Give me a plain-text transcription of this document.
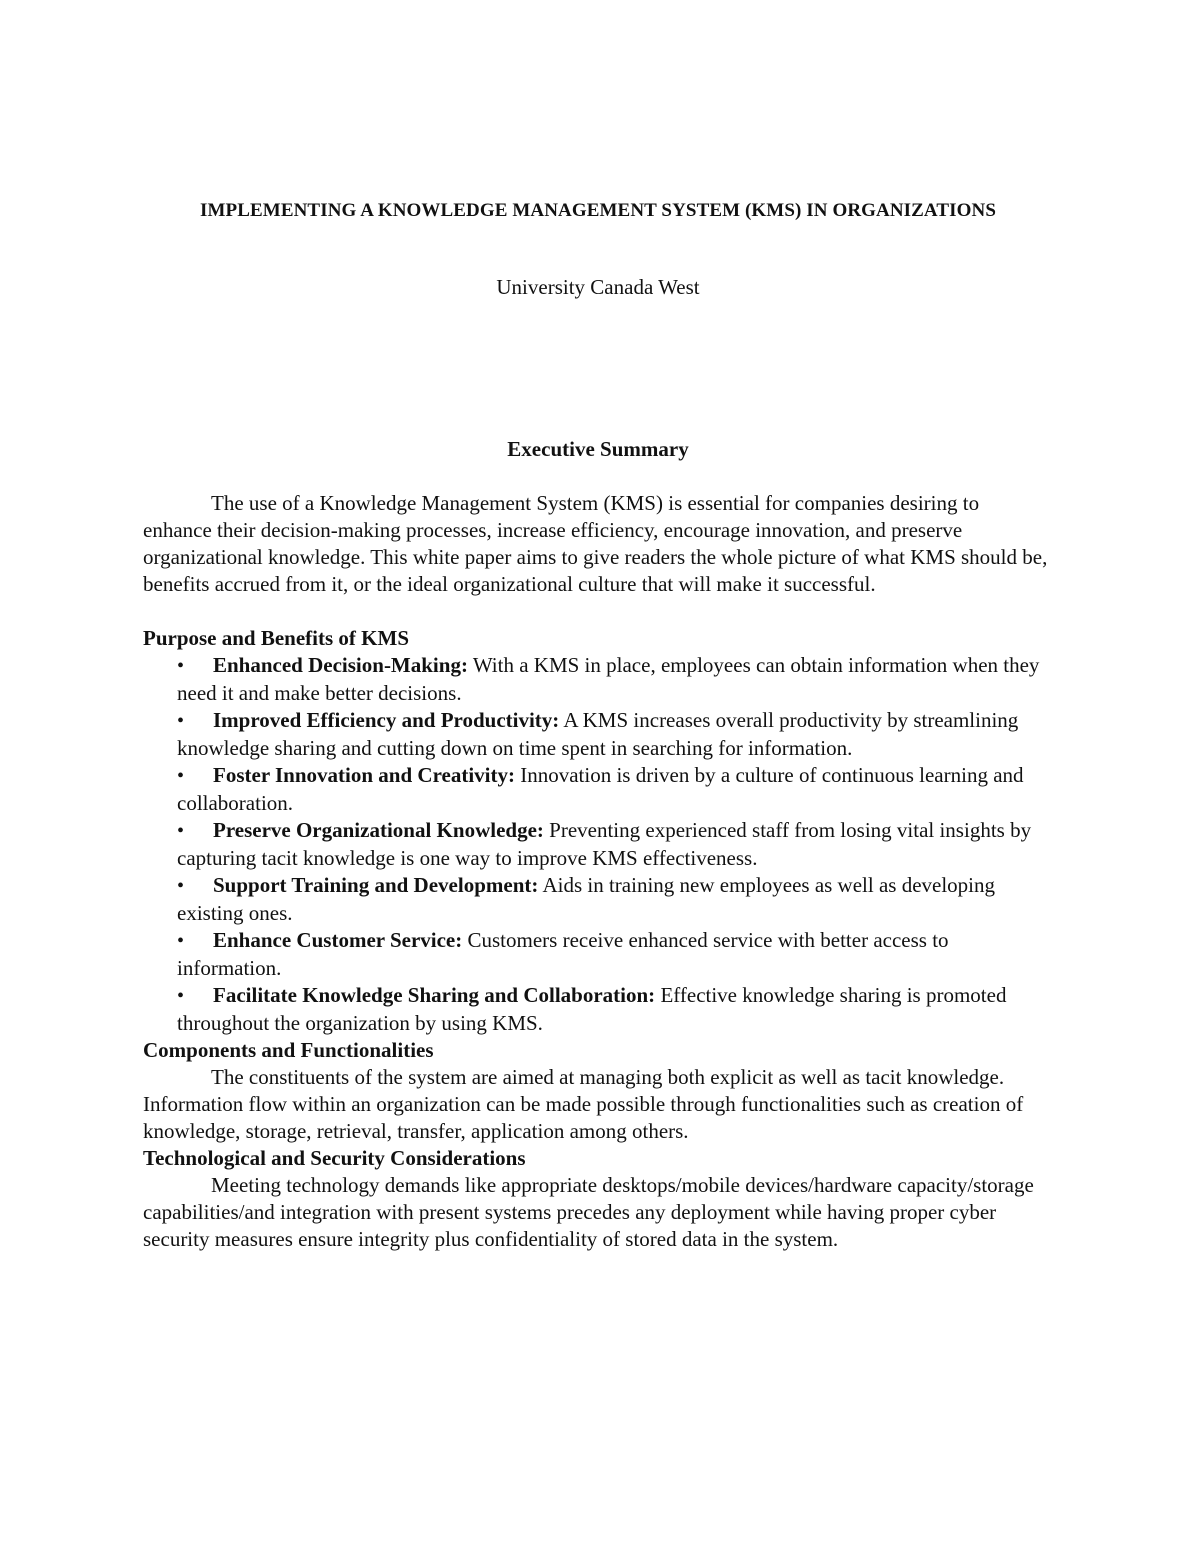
IMPLEMENTING A KNOWLEDGE MANAGEMENT SYSTEM (KMS) IN ORGANIZATIONS

University Canada West

Executive Summary

The use of a Knowledge Management System (KMS) is essential for companies desiring to enhance their decision-making processes, increase efficiency, encourage innovation, and preserve organizational knowledge. This white paper aims to give readers the whole picture of what KMS should be, benefits accrued from it, or the ideal organizational culture that will make it successful.

Purpose and Benefits of KMS

• Enhanced Decision-Making: With a KMS in place, employees can obtain information when they need it and make better decisions.
• Improved Efficiency and Productivity: A KMS increases overall productivity by streamlining knowledge sharing and cutting down on time spent in searching for information.
• Foster Innovation and Creativity: Innovation is driven by a culture of continuous learning and collaboration.
• Preserve Organizational Knowledge: Preventing experienced staff from losing vital insights by capturing tacit knowledge is one way to improve KMS effectiveness.
• Support Training and Development: Aids in training new employees as well as developing existing ones.
• Enhance Customer Service: Customers receive enhanced service with better access to information.
• Facilitate Knowledge Sharing and Collaboration: Effective knowledge sharing is promoted throughout the organization by using KMS.

Components and Functionalities

The constituents of the system are aimed at managing both explicit as well as tacit knowledge. Information flow within an organization can be made possible through functionalities such as creation of knowledge, storage, retrieval, transfer, application among others.

Technological and Security Considerations

Meeting technology demands like appropriate desktops/mobile devices/hardware capacity/storage capabilities/and integration with present systems precedes any deployment while having proper cyber security measures ensure integrity plus confidentiality of stored data in the system.
